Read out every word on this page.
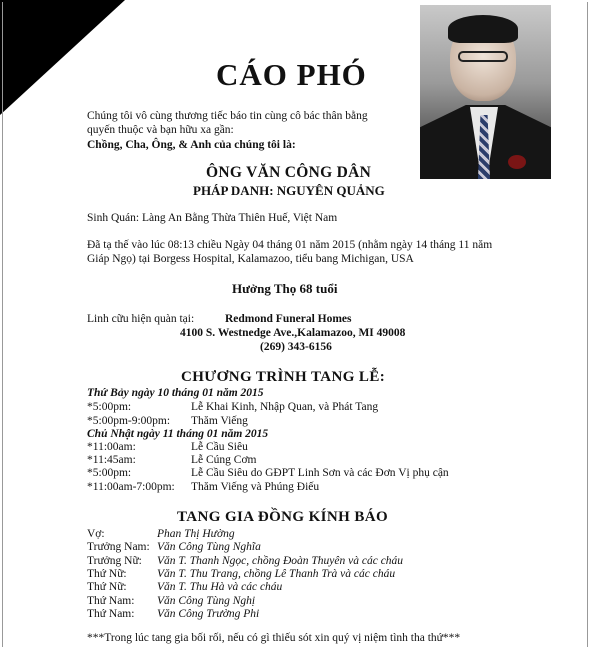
CÁO PHÓ
Chúng tôi vô cùng thương tiếc báo tin cùng cô bác thân bằng
quyến thuộc và bạn hữu xa gần:
Chồng, Cha, Ông, & Anh của chúng tôi là:
ÔNG VĂN CÔNG DÂN
PHÁP DANH: NGUYÊN QUẢNG
Sinh Quán: Làng An Bằng Thừa Thiên Huế, Việt Nam
Đã tạ thế vào lúc 08:13 chiều Ngày 04 tháng 01 năm 2015 (nhằm ngày 14 tháng 11 năm
Giáp Ngọ) tại Borgess Hospital, Kalamazoo, tiểu bang Michigan, USA
Hưởng Thọ 68 tuổi
Linh cữu hiện quàn tại:	Redmond Funeral Homes
4100 S. Westnedge Ave.,Kalamazoo, MI 49008
(269) 343-6156
CHƯƠNG TRÌNH TANG LỄ:
Thứ Bảy ngày 10 tháng 01 năm 2015
*5:00pm:	Lễ Khai Kinh, Nhập Quan, và Phát Tang
*5:00pm-9:00pm: Thăm Viếng
Chủ Nhật ngày 11 tháng 01 năm 2015
*11:00am:	Lễ Cầu Siêu
*11:45am:	Lễ Cúng Cơm
*5:00pm:	Lễ Cầu Siêu do GĐPT Linh Sơn và các Đơn Vị phụ cận
*11:00am-7:00pm: Thăm Viếng và Phúng Điếu
TANG GIA ĐỒNG KÍNH BÁO
Vợ:	Phan Thị Hường
Trưởng Nam: Văn Công Tùng Nghĩa
Trưởng Nữ: Văn T. Thanh Ngọc, chồng Đoàn Thuyên và các cháu
Thứ Nữ:	Văn T. Thu Trang, chồng Lê Thanh Trà và các cháu
Thứ Nữ:	Văn T. Thu Hà và các cháu
Thứ Nam: Văn Công Tùng Nghị
Thứ Nam: Văn Công Trường Phi
***Trong lúc tang gia bối rối, nếu có gì thiếu sót xin quý vị niệm tình tha thứ***
